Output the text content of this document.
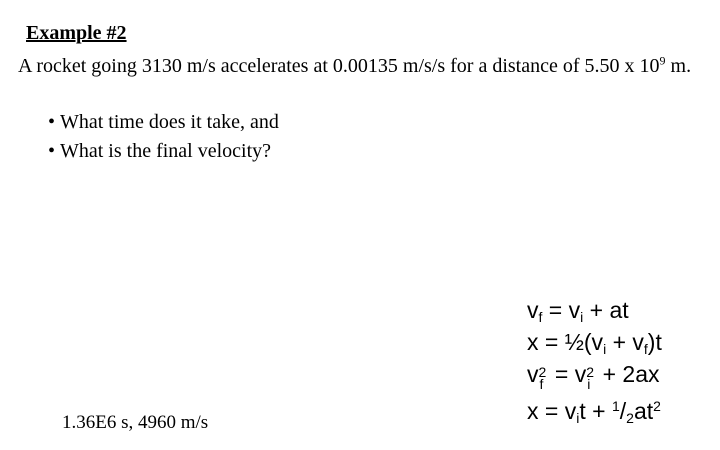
Example #2
A rocket going 3130 m/s accelerates at 0.00135 m/s/s for a distance of 5.50 x $10^9$ m.
• What time does it take, and
• What is the final velocity?
1.36E6 s, 4960 m/s
$v_f = v_i$ + at
$x = \frac{1}{2}(v_i + v_f)t$
v 2
f = v 2
i + 2ax
$x = v_it + ^1/2at^2$
